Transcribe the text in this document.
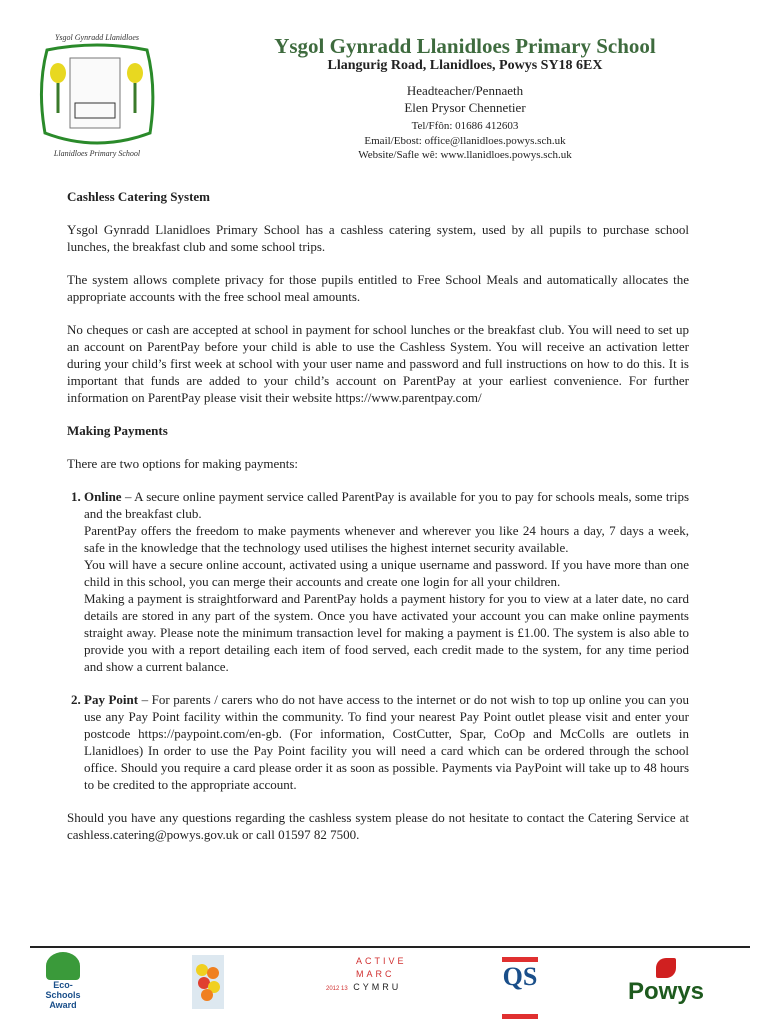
Ysgol Gynradd Llanidloes
Llanidloes Primary School
Ysgol Gynradd Llanidloes Primary School
Llangurig Road, Llanidloes, Powys SY18 6EX
Headteacher/Pennaeth
Elen Prysor Chennetier
Tel/Ffôn: 01686 412603
Email/Ebost: office@llanidloes.powys.sch.uk
Website/Safle wê: www.llanidloes.powys.sch.uk

Cashless Catering System

Ysgol Gynradd Llanidloes Primary School has a cashless catering system, used by all pupils to purchase school lunches, the breakfast club and some school trips.

The system allows complete privacy for those pupils entitled to Free School Meals and automatically allocates the appropriate accounts with the free school meal amounts.

No cheques or cash are accepted at school in payment for school lunches or the breakfast club. You will need to set up an account on ParentPay before your child is able to use the Cashless System. You will receive an activation letter during your child’s first week at school with your user name and password and full instructions on how to do this. It is important that funds are added to your child’s account on ParentPay at your earliest convenience. For further information on ParentPay please visit their website https://www.parentpay.com/

Making Payments

There are two options for making payments:

1. Online – A secure online payment service called ParentPay is available for you to pay for schools meals, some trips and the breakfast club.
ParentPay offers the freedom to make payments whenever and wherever you like 24 hours a day, 7 days a week, safe in the knowledge that the technology used utilises the highest internet security available.
You will have a secure online account, activated using a unique username and password. If you have more than one child in this school, you can merge their accounts and create one login for all your children.
Making a payment is straightforward and ParentPay holds a payment history for you to view at a later date, no card details are stored in any part of the system. Once you have activated your account you can make online payments straight away. Please note the minimum transaction level for making a payment is £1.00. The system is also able to provide you with a report detailing each item of food served, each credit made to the system, for any time period and show a current balance.
2. Pay Point – For parents / carers who do not have access to the internet or do not wish to top up online you can you use any Pay Point facility within the community. To find your nearest Pay Point outlet please visit and enter your postcode https://paypoint.com/en-gb. (For information, CostCutter, Spar, CoOp and McColls are outlets in Llanidloes) In order to use the Pay Point facility you will need a card which can be ordered through the school office. Should you require a card please order it as soon as possible. Payments via PayPoint will take up to 48 hours to be credited to the appropriate account.

Should you have any questions regarding the cashless system please do not hesitate to contact the Catering Service at cashless.catering@powys.gov.uk or call 01597 82 7500.

Eco-Schools Award
ACTIVE
MARC
2012 13 CYMRU	QS
Powys
